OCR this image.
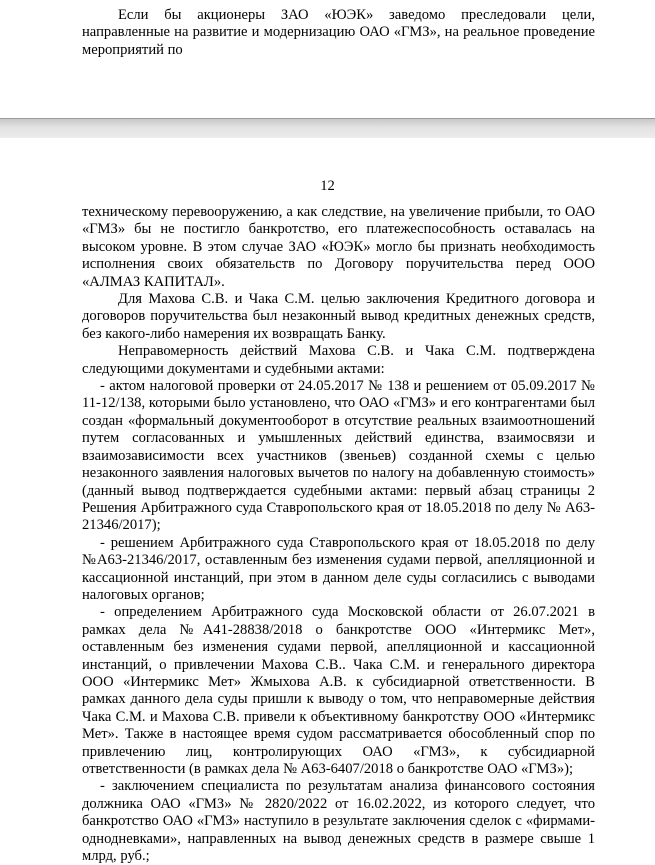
Если бы акционеры ЗАО «ЮЭК» заведомо преследовали цели, направленные на развитие и модернизацию ОАО «ГМЗ», на реальное проведение мероприятий по

12

техническому перевооружению, а как следствие, на увеличение прибыли, то ОАО «ГМЗ» бы не постигло банкротство, его платежеспособность оставалась на высоком уровне. В этом случае ЗАО «ЮЭК» могло бы признать необходимость исполнения своих обязательств по Договору поручительства перед ООО «АЛМАЗ КАПИТАЛ».

Для Махова С.В. и Чака С.М. целью заключения Кредитного договора и договоров поручительства был незаконный вывод кредитных денежных средств, без какого-либо намерения их возвращать Банку.

Неправомерность действий Махова С.В. и Чака С.М. подтверждена следующими документами и судебными актами:

- актом налоговой проверки от 24.05.2017 № 138 и решением от 05.09.2017 № 11-12/138, которыми было установлено, что ОАО «ГМЗ» и его контрагентами был создан «формальный документооборот в отсутствие реальных взаимоотношений путем согласованных и умышленных действий единства, взаимосвязи и взаимозависимости всех участников (звеньев) созданной схемы с целью незаконного заявления налоговых вычетов по налогу на добавленную стоимость» (данный вывод подтверждается судебными актами: первый абзац страницы 2 Решения Арбитражного суда Ставропольского края от 18.05.2018 по делу № А63-21346/2017);

- решением Арбитражного суда Ставропольского края от 18.05.2018 по делу №А63-21346/2017, оставленным без изменения судами первой, апелляционной и кассационной инстанций, при этом в данном деле суды согласились с выводами налоговых органов;

- определением Арбитражного суда Московской области от 26.07.2021 в рамках дела №А41-28838/2018 о банкротстве ООО «Интермикс Мет», оставленным без изменения судами первой, апелляционной и кассационной инстанций, о привлечении Махова С.В.. Чака С.М. и генерального директора ООО «Интермикс Мет» Жмыхова А.В. к субсидиарной ответственности. В рамках данного дела суды пришли к выводу о том, что неправомерные действия Чака С.М. и Махова С.В. привели к объективному банкротству ООО «Интермикс Мет». Также в настоящее время судом рассматривается обособленный спор по привлечению лиц, контролирующих ОАО «ГМЗ», к субсидиарной ответственности (в рамках дела № А63-6407/2018 о банкротстве ОАО «ГМЗ»);

- заключением специалиста по результатам анализа финансового состояния должника ОАО «ГМЗ» № 2820/2022 от 16.02.2022, из которого следует, что банкротство ОАО «ГМЗ» наступило в результате заключения сделок с «фирмами-однодневками», направленных на вывод денежных средств в размере свыше 1 млрд, руб.;
